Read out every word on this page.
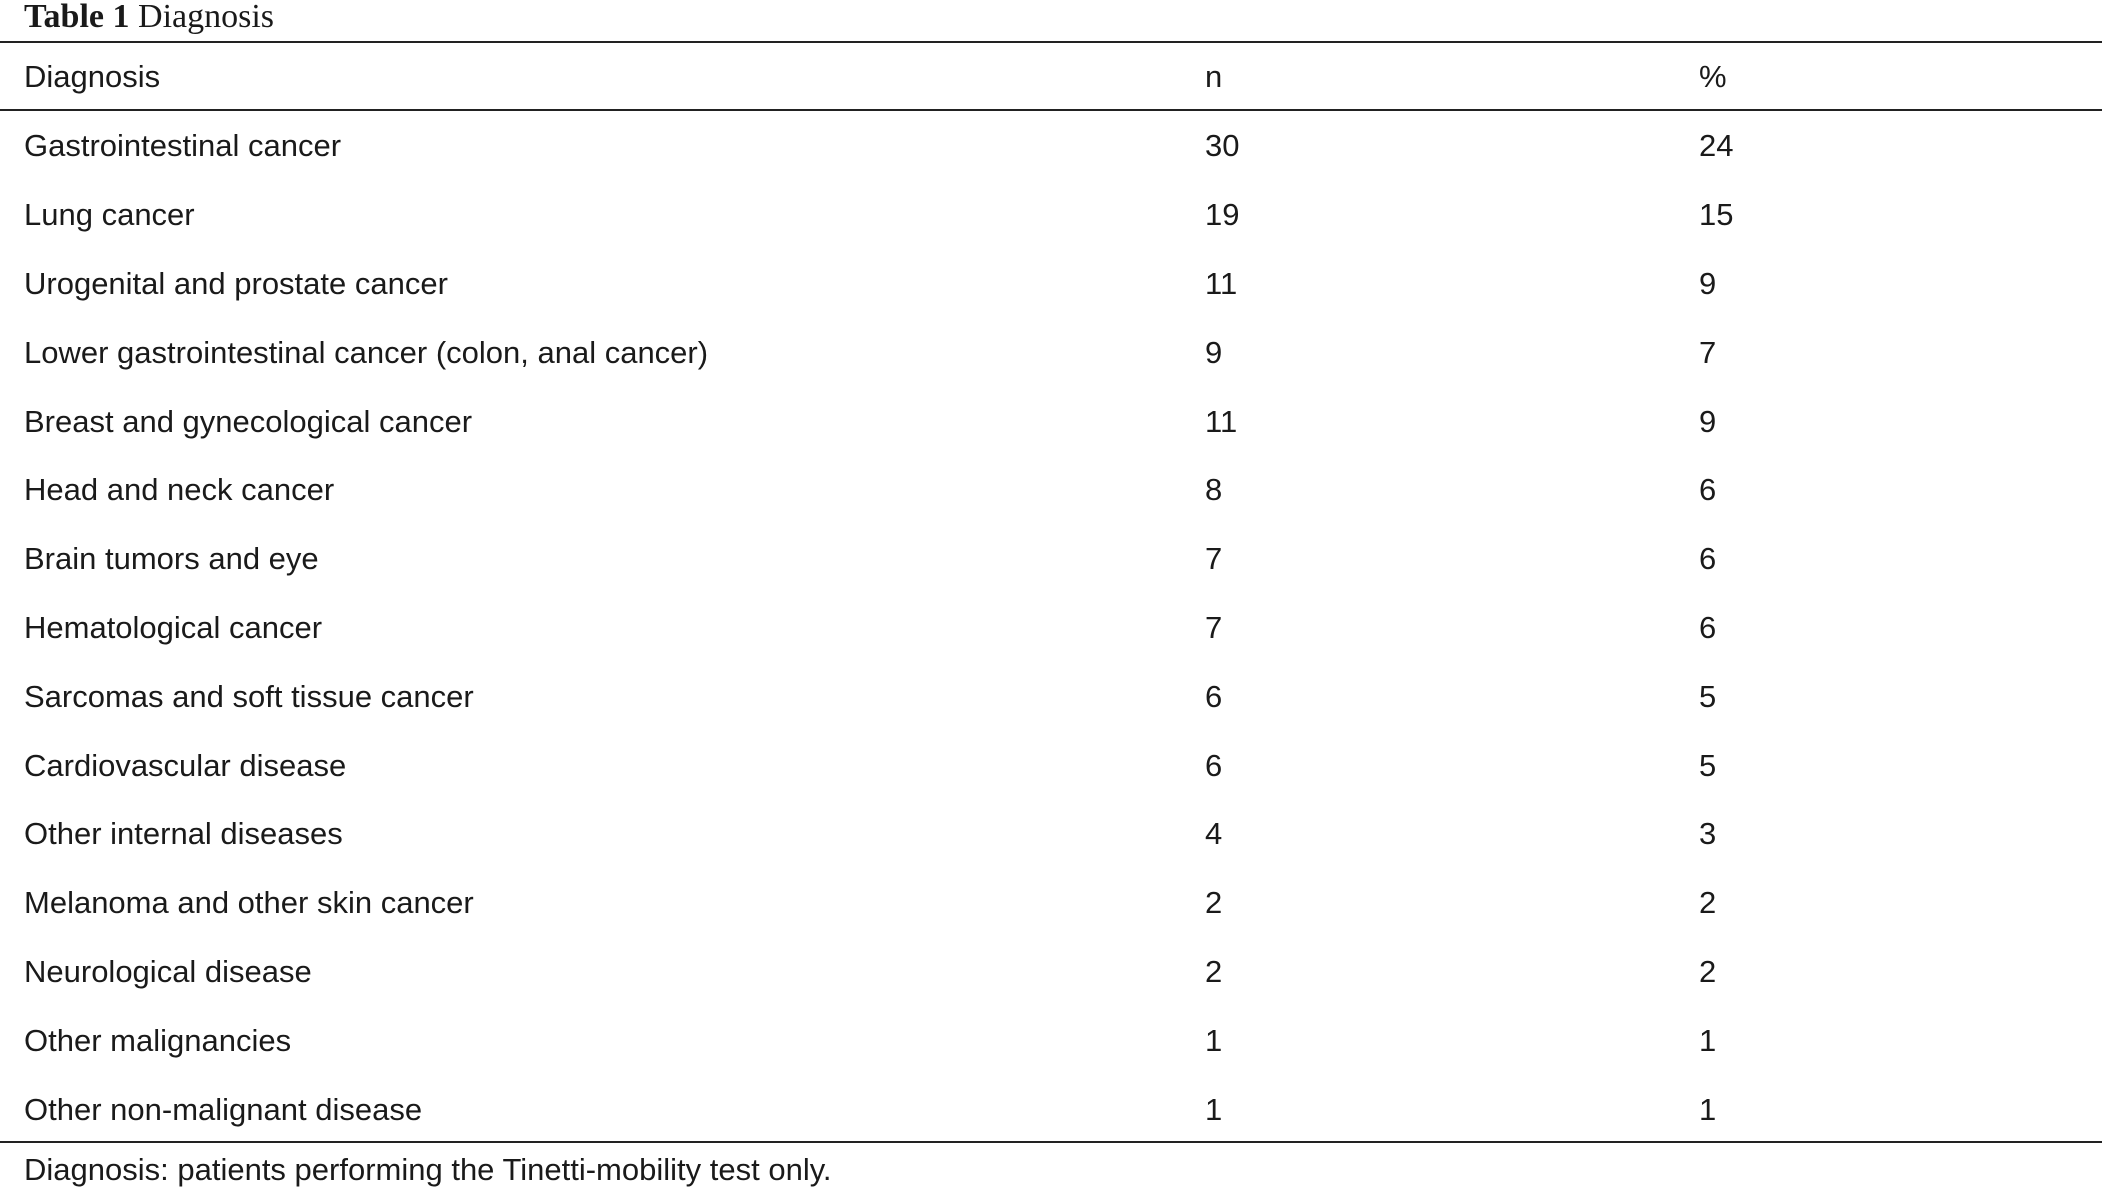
Table 1 Diagnosis
Diagnosis	n	%
Gastrointestinal cancer	30	24
Lung cancer	19	15
Urogenital and prostate cancer	11	9
Lower gastrointestinal cancer (colon, anal cancer)	9	7
Breast and gynecological cancer	11	9
Head and neck cancer	8	6
Brain tumors and eye	7	6
Hematological cancer	7	6
Sarcomas and soft tissue cancer	6	5
Cardiovascular disease	6	5
Other internal diseases	4	3
Melanoma and other skin cancer	2	2
Neurological disease	2	2
Other malignancies	1	1
Other non-malignant disease	1	1
Diagnosis: patients performing the Tinetti-mobility test only.
